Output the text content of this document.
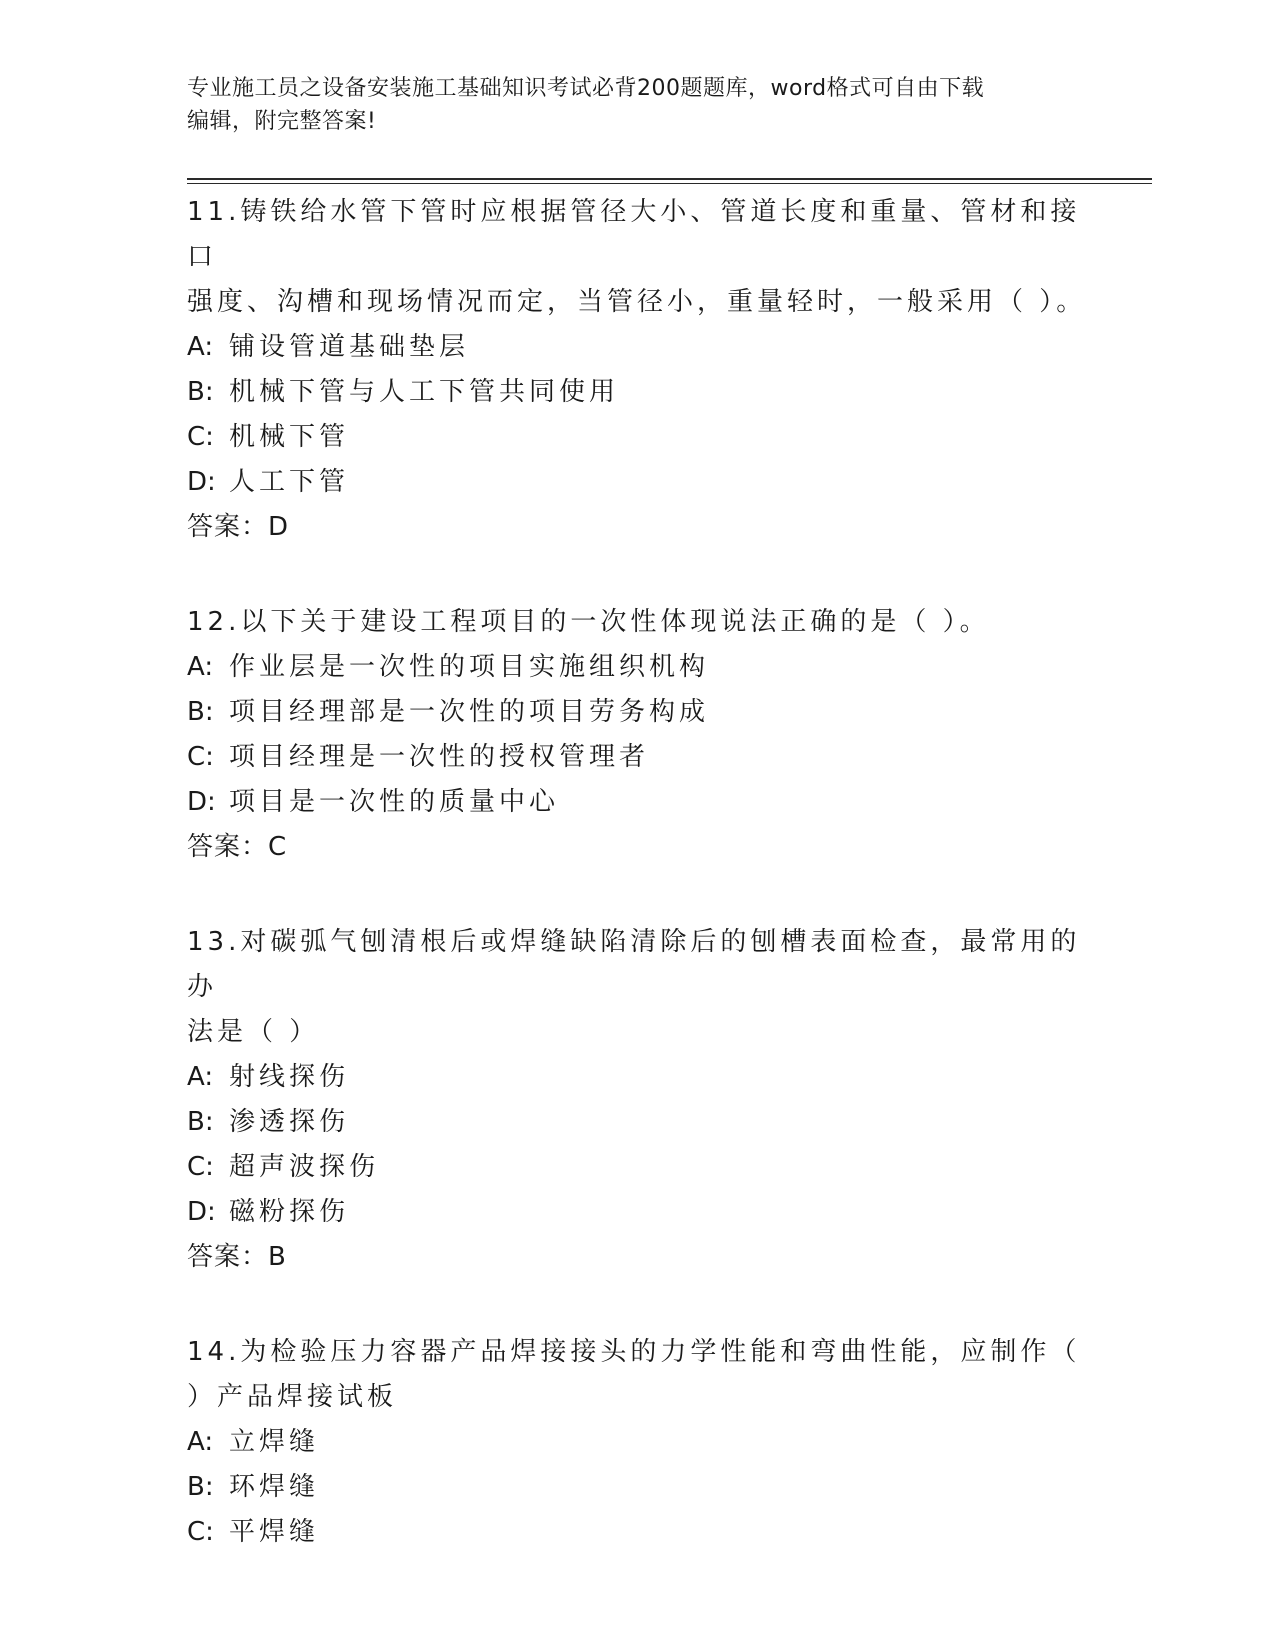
专业施工员之设备安装施工基础知识考试必背200题题库，word格式可自由下载
编辑，附完整答案!

11.铸铁给水管下管时应根据管径大小、管道长度和重量、管材和接口

强度、沟槽和现场情况而定，当管径小，重量轻时，一般采用（ ）。

A: 铺设管道基础垫层

B: 机械下管与人工下管共同使用

C: 机械下管

D: 人工下管

答案：D

12.以下关于建设工程项目的一次性体现说法正确的是（ ）。

A: 作业层是一次性的项目实施组织机构

B: 项目经理部是一次性的项目劳务构成

C: 项目经理是一次性的授权管理者

D: 项目是一次性的质量中心

答案：C

13.对碳弧气刨清根后或焊缝缺陷清除后的刨槽表面检查，最常用的办

法是（ ）

A: 射线探伤

B: 渗透探伤

C: 超声波探伤

D: 磁粉探伤

答案：B

14.为检验压力容器产品焊接接头的力学性能和弯曲性能，应制作（

）产品焊接试板

A: 立焊缝

B: 环焊缝

C: 平焊缝
